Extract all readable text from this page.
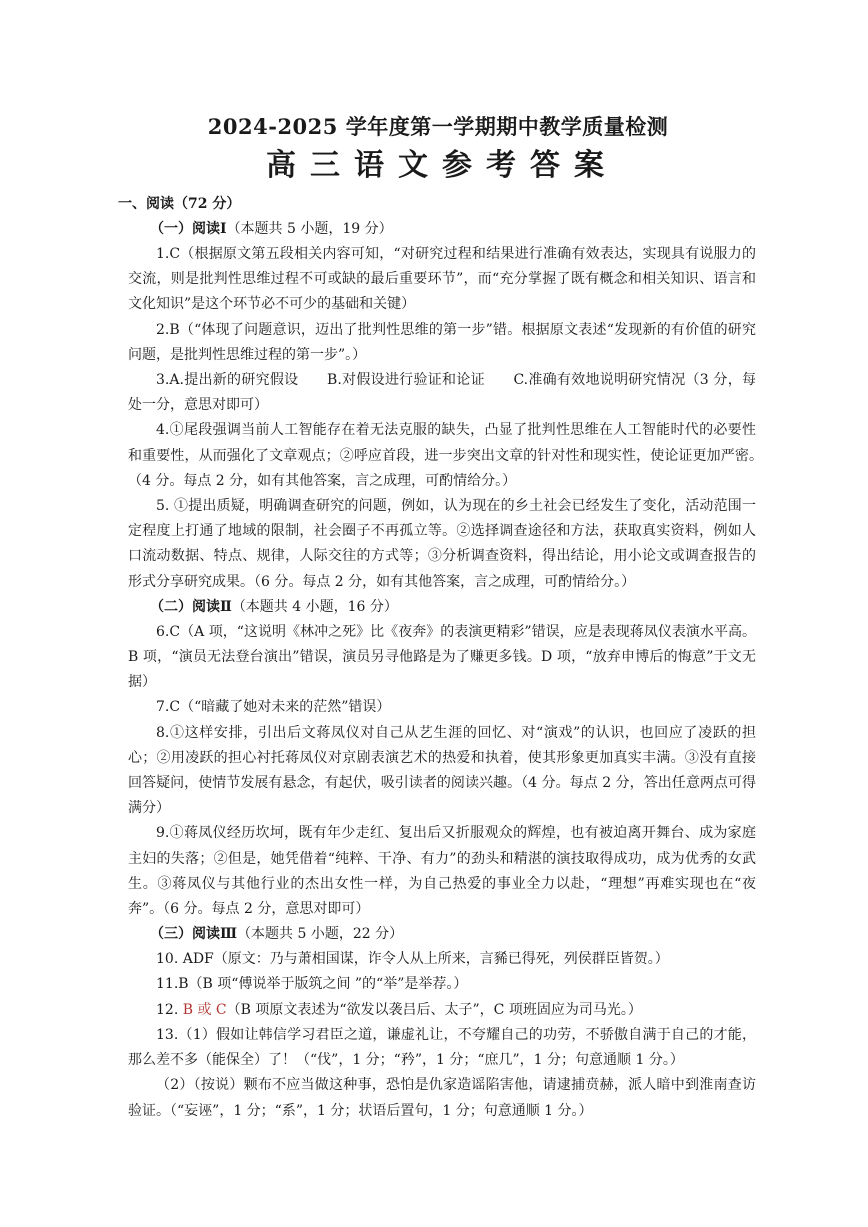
2024-2025 学年度第一学期期中教学质量检测
高三语文参考答案
一、阅读（72 分）
（一）阅读Ⅰ（本题共 5 小题，19 分）

1.C（根据原文第五段相关内容可知，“对研究过程和结果进行准确有效表达，实现具有说服力的交流，则是批判性思维过程不可或缺的最后重要环节”，而“充分掌握了既有概念和相关知识、语言和文化知识”是这个环节必不可少的基础和关键）

2.B（“体现了问题意识，迈出了批判性思维的第一步”错。根据原文表述“发现新的有价值的研究问题，是批判性思维过程的第一步”。）

3.A.提出新的研究假设　　B.对假设进行验证和论证　　C.准确有效地说明研究情况（3 分，每处一分，意思对即可）

4.①尾段强调当前人工智能存在着无法克服的缺失，凸显了批判性思维在人工智能时代的必要性和重要性，从而强化了文章观点；②呼应首段，进一步突出文章的针对性和现实性，使论证更加严密。　（4 分。每点 2 分，如有其他答案，言之成理，可酌情给分。）

5. ①提出质疑，明确调查研究的问题，例如，认为现在的乡土社会已经发生了变化，活动范围一定程度上打通了地域的限制，社会圈子不再孤立等。②选择调查途径和方法，获取真实资料，例如人口流动数据、特点、规律，人际交往的方式等；③分析调查资料，得出结论，用小论文或调查报告的形式分享研究成果。（6 分。每点 2 分，如有其他答案，言之成理，可酌情给分。）

（二）阅读Ⅱ（本题共 4 小题，16 分）

6.C（A 项，“这说明《林冲之死》比《夜奔》的表演更精彩”错误，应是表现蒋凤仪表演水平高。B 项，“演员无法登台演出”错误，演员另寻他路是为了赚更多钱。D 项，“放弃申博后的悔意”于文无据）

7.C（“暗藏了她对未来的茫然”错误）

8.①这样安排，引出后文蒋凤仪对自己从艺生涯的回忆、对“演戏”的认识，也回应了凌跃的担心；②用凌跃的担心衬托蒋凤仪对京剧表演艺术的热爱和执着，使其形象更加真实丰满。③没有直接回答疑问，使情节发展有悬念，有起伏，吸引读者的阅读兴趣。（4 分。每点 2 分，答出任意两点可得满分）

9.①蒋凤仪经历坎坷，既有年少走红、复出后又折服观众的辉煌，也有被迫离开舞台、成为家庭主妇的失落；②但是，她凭借着“纯粹、干净、有力”的劲头和精湛的演技取得成功，成为优秀的女武生。③蒋凤仪与其他行业的杰出女性一样，为自己热爱的事业全力以赴，“理想”再难实现也在“夜奔”。（6 分。每点 2 分，意思对即可）

（三）阅读Ⅲ（本题共 5 小题，22 分）

10. ADF（原文：乃与萧相国谋，诈令人从上所来，言豨已得死，列侯群臣皆贺。）

11.B（B 项“傅说举于版筑之间 ”的“举”是举荐。）

12. B 或 C（B 项原文表述为“欲发以袭吕后、太子”，C 项班固应为司马光。）

13.（1）假如让韩信学习君臣之道，谦虚礼让，不夸耀自己的功劳，不骄傲自满于自己的才能，那么差不多（能保全）了！（“伐”，1 分；“矜”，1 分；“庶几”，1 分；句意通顺 1 分。）

（2）（按说）颗布不应当做这种事，恐怕是仇家造谣陷害他，请逮捕贲赫，派人暗中到淮南查访验证。（“妄诬”，1 分；“系”，1 分；状语后置句，1 分；句意通顺 1 分。）
